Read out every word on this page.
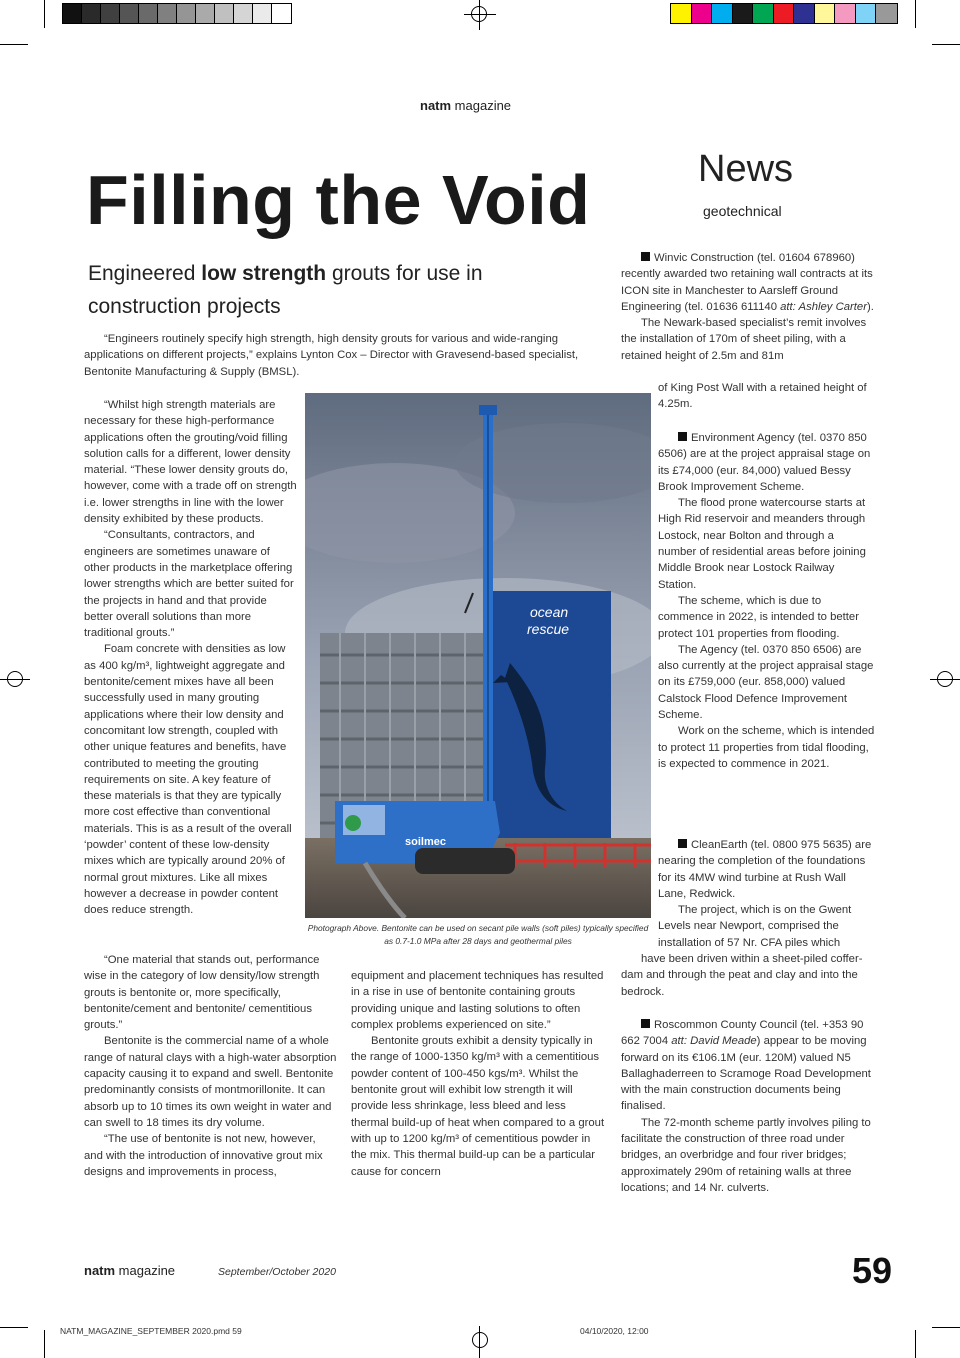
natm magazine
Filling the Void
Engineered low strength grouts for use in construction projects
News
geotechnical

“Engineers routinely specify high strength, high density grouts for various and wide-ranging applications on different projects,” explains Lynton Cox – Director with Gravesend-based specialist, Bentonite Manufacturing & Supply (BMSL).

“Whilst high strength materials are necessary for these high-performance applications often the grouting/void filling solution calls for a different, lower density material. “These lower density grouts do, however, come with a trade off on strength i.e. lower strengths in line with the lower density exhibited by these products.

“Consultants, contractors, and engineers are sometimes unaware of other products in the marketplace offering lower strengths which are better suited for the projects in hand and that provide better overall solutions than more traditional grouts.”

Foam concrete with densities as low as 400 kg/m³, lightweight aggregate and bentonite/cement mixes have all been successfully used in many grouting applications where their low density and concomitant low strength, coupled with other unique features and benefits, have contributed to meeting the grouting requirements on site. A key feature of these materials is that they are typically more cost effective than conventional materials. This is as a result of the overall ‘powder’ content of these low-density mixes which are typically around 20% of normal grout mixtures. Like all mixes however a decrease in powder content does reduce strength.

“One material that stands out, performance wise in the category of low density/low strength grouts is bentonite or, more specifically, bentonite/cement and bentonite/ cementitious grouts.”

Bentonite is the commercial name of a whole range of natural clays with a high-water absorption capacity causing it to expand and swell. Bentonite predominantly consists of montmorillonite. It can absorb up to 10 times its own weight in water and can swell to 18 times its dry volume.

“The use of bentonite is not new, however, and with the introduction of innovative grout mix designs and improvements in process,

equipment and placement techniques has resulted in a rise in use of bentonite containing grouts providing unique and lasting solutions to often complex problems experienced on site.”

Bentonite grouts exhibit a density typically in the range of 1000-1350 kg/m³ with a cementitious powder content of 100-450 kgs/m³. Whilst the bentonite grout will exhibit low strength it will provide less shrinkage, less bleed and less thermal build-up of heat when compared to a grout with up to 1200 kg/m³ of cementitious powder in the mix. This thermal build-up can be a particular cause for concern

ocean
rescue
soilmec
Photograph Above. Bentonite can be used on secant pile walls (soft piles) typically specified as 0.7-1.0 MPa after 28 days and geothermal piles

Winvic Construction (tel. 01604 678960) recently awarded two retaining wall contracts at its ICON site in Manchester to Aarsleff Ground Engineering (tel. 01636 611140 att: Ashley Carter).

The Newark-based specialist’s remit involves the installation of 170m of sheet piling, with a retained height of 2.5m and 81m

of King Post Wall with a retained height of 4.25m.

Environment Agency (tel. 0370 850 6506) are at the project appraisal stage on its £74,000 (eur. 84,000) valued Bessy Brook Improvement Scheme.

The flood prone watercourse starts at High Rid reservoir and meanders through Lostock, near Bolton and through a number of residential areas before joining Middle Brook near Lostock Railway Station.

The scheme, which is due to commence in 2022, is intended to better protect 101 properties from flooding.

The Agency (tel. 0370 850 6506) are also currently at the project appraisal stage on its £759,000 (eur. 858,000) valued Calstock Flood Defence Improvement Scheme.

Work on the scheme, which is intended to protect 11 properties from tidal flooding, is expected to commence in 2021.

CleanEarth (tel. 0800 975 5635) are nearing the completion of the foundations for its 4MW wind turbine at Rush Wall Lane, Redwick.

The project, which is on the Gwent Levels near Newport, comprised the installation of 57 Nr. CFA piles which

have been driven within a sheet-piled coffer-dam and through the peat and clay and into the bedrock.

Roscommon County Council (tel. +353 90 662 7004 att: David Meade) appear to be moving forward on its €106.1M (eur. 120M) valued N5 Ballaghaderreen to Scramoge Road Development with the main construction documents being finalised.

The 72-month scheme partly involves piling to facilitate the construction of three road under bridges, an overbridge and four river bridges; approximately 290m of retaining walls at three locations; and 14 Nr. culverts.

natm magazine	September/October 2020	59
NATM_MAGAZINE_SEPTEMBER 2020.pmd 59	04/10/2020, 12:00
